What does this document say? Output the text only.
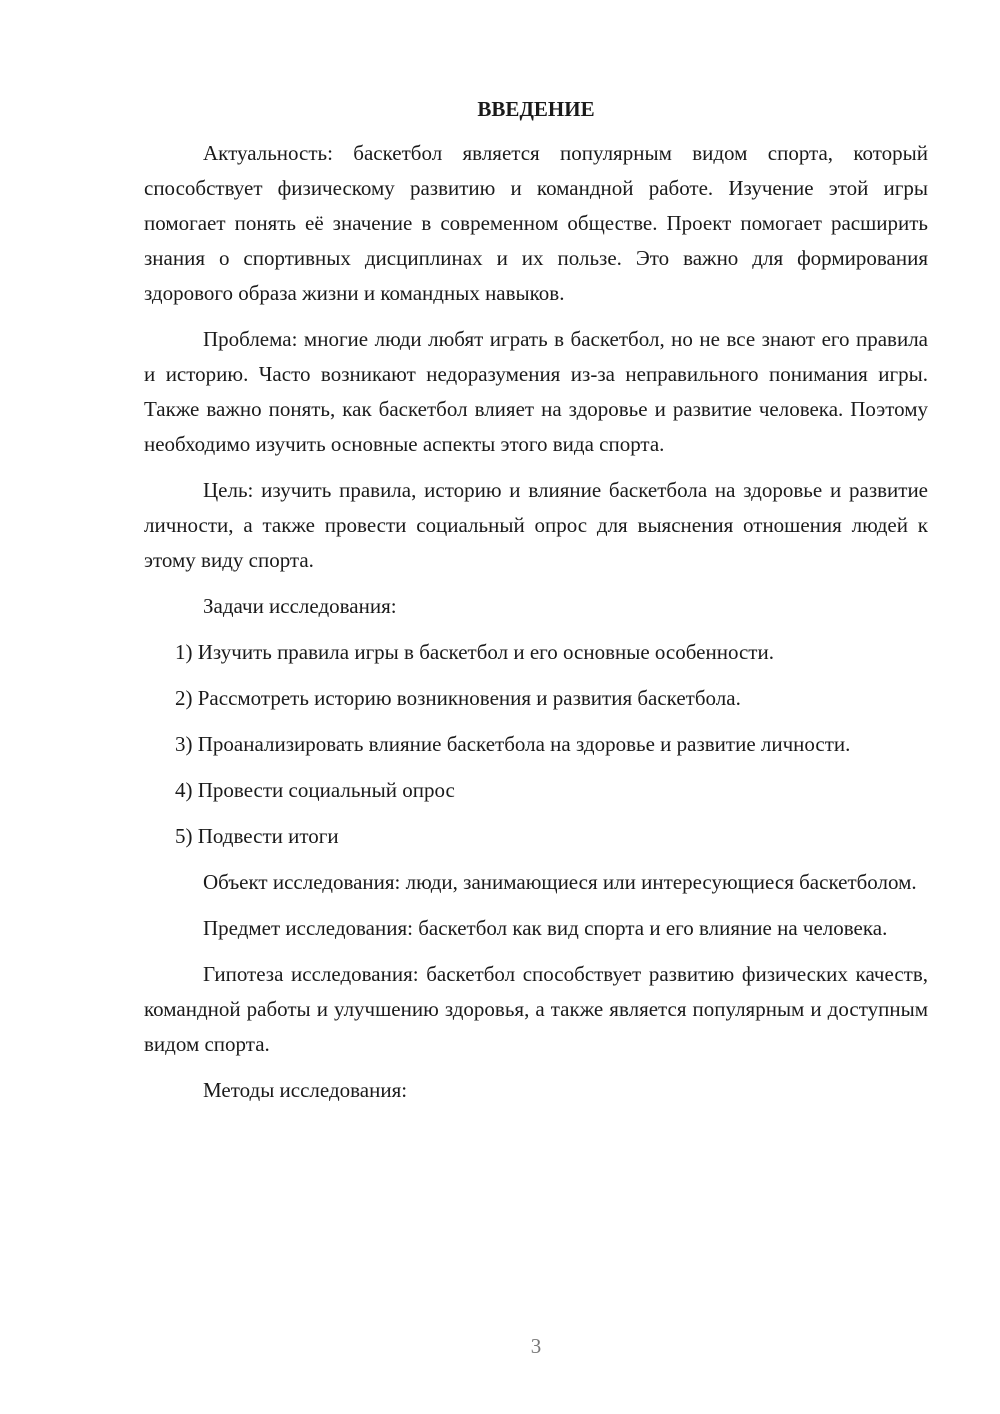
ВВЕДЕНИЕ

Актуальность: баскетбол является популярным видом спорта, который способствует физическому развитию и командной работе. Изучение этой игры помогает понять её значение в современном обществе. Проект помогает расширить знания о спортивных дисциплинах и их пользе. Это важно для формирования здорового образа жизни и командных навыков.

Проблема: многие люди любят играть в баскетбол, но не все знают его правила и историю. Часто возникают недоразумения из-за неправильного понимания игры. Также важно понять, как баскетбол влияет на здоровье и развитие человека. Поэтому необходимо изучить основные аспекты этого вида спорта.

Цель: изучить правила, историю и влияние баскетбола на здоровье и развитие личности, а также провести социальный опрос для выяснения отношения людей к этому виду спорта.

Задачи исследования:

1) Изучить правила игры в баскетбол и его основные особенности.

2) Рассмотреть историю возникновения и развития баскетбола.

3) Проанализировать влияние баскетбола на здоровье и развитие личности.

4) Провести социальный опрос

5) Подвести итоги

Объект исследования: люди, занимающиеся или интересующиеся баскетболом.

Предмет исследования: баскетбол как вид спорта и его влияние на человека.

Гипотеза исследования: баскетбол способствует развитию физических качеств, командной работы и улучшению здоровья, а также является популярным и доступным видом спорта.

Методы исследования:

3
